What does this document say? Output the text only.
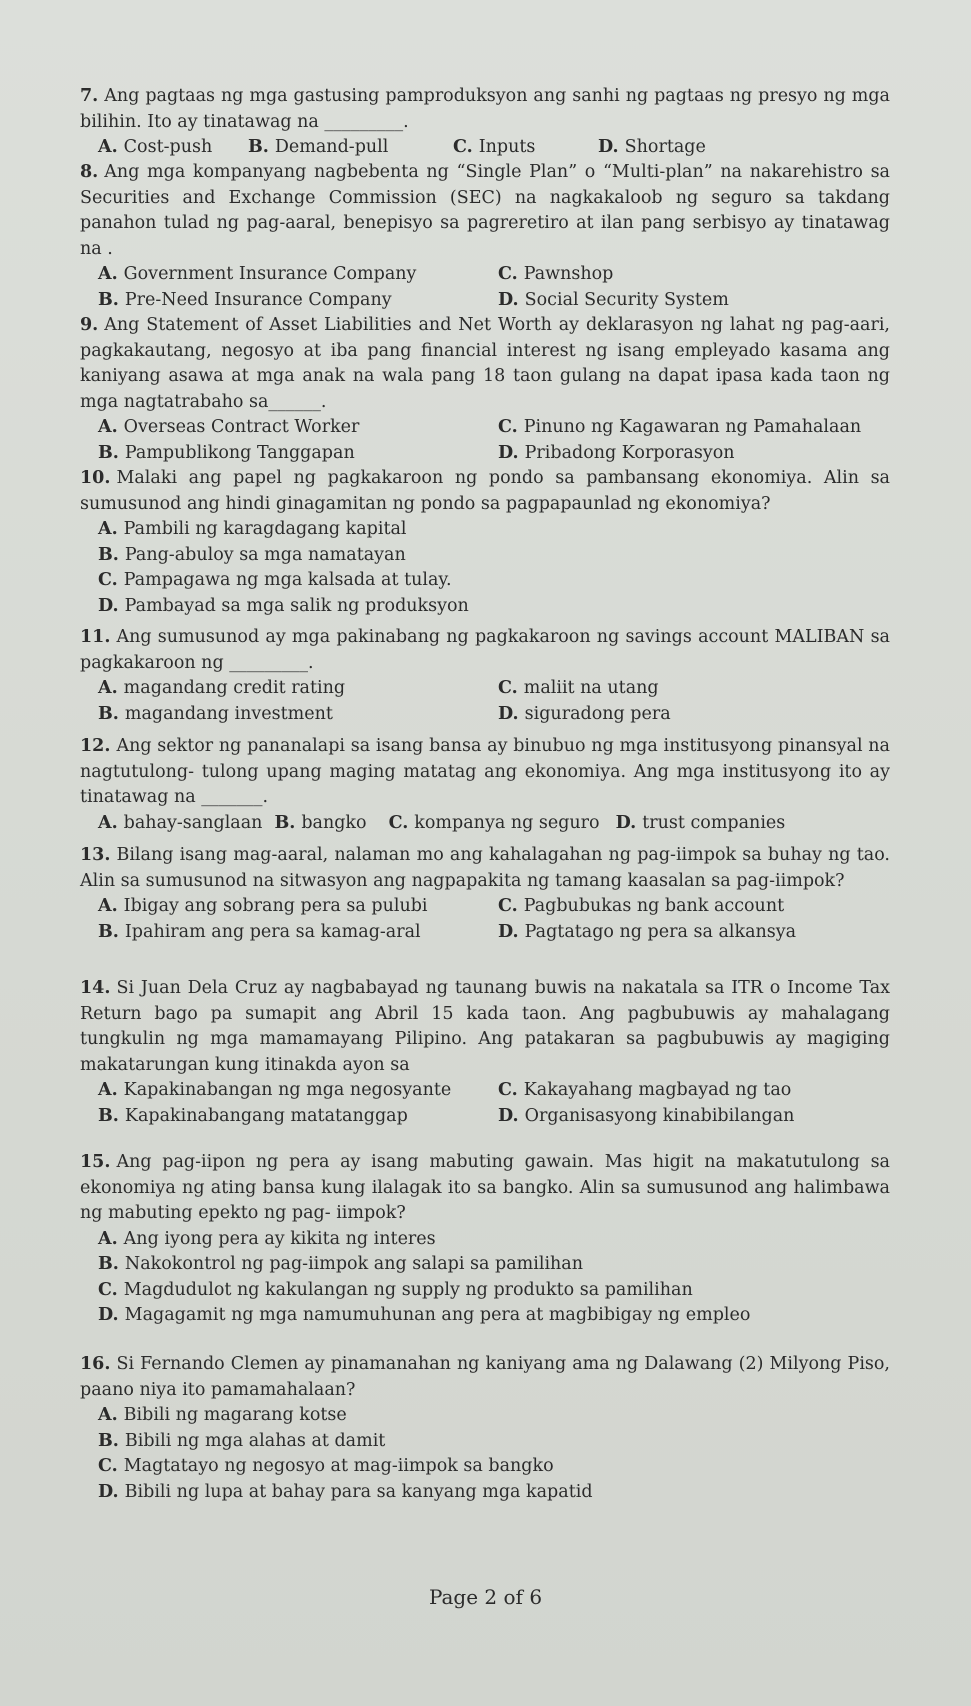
7. Ang pagtaas ng mga gastusing pamproduksyon ang sanhi ng pagtaas ng presyo ng mga bilihin. Ito ay tinatawag na _________.

A. Cost-push	B. Demand-pull	C. Inputs	D. Shortage

8. Ang mga kompanyang nagbebenta ng “Single Plan” o “Multi-plan” na nakarehistro sa Securities and Exchange Commission (SEC) na nagkakaloob ng seguro sa takdang panahon tulad ng pag-aaral, benepisyo sa pagreretiro at ilan pang serbisyo ay tinatawag na .

A. Government Insurance Company	C. Pawnshop
B. Pre-Need Insurance Company	D. Social Security System

9. Ang Statement of Asset Liabilities and Net Worth ay deklarasyon ng lahat ng pag-aari, pagkakautang, negosyo at iba pang financial interest ng isang empleyado kasama ang kaniyang asawa at mga anak na wala pang 18 taon gulang na dapat ipasa kada taon ng mga nagtatrabaho sa______.

A. Overseas Contract Worker	C. Pinuno ng Kagawaran ng Pamahalaan
B. Pampublikong Tanggapan	D. Pribadong Korporasyon

10. Malaki ang papel ng pagkakaroon ng pondo sa pambansang ekonomiya. Alin sa sumusunod ang hindi ginagamitan ng pondo sa pagpapaunlad ng ekonomiya?

A. Pambili ng karagdagang kapital
B. Pang-abuloy sa mga namatayan
C. Pampagawa ng mga kalsada at tulay.
D. Pambayad sa mga salik ng produksyon

11. Ang sumusunod ay mga pakinabang ng pagkakaroon ng savings account MALIBAN sa pagkakaroon ng _________.

A. magandang credit rating	C. maliit na utang
B. magandang investment	D. siguradong pera

12. Ang sektor ng pananalapi sa isang bansa ay binubuo ng mga institusyong pinansyal na nagtutulong- tulong upang maging matatag ang ekonomiya. Ang mga institusyong ito ay tinatawag na _______.

A. bahay-sanglaan B. bangko C. kompanya ng seguro D. trust companies

13. Bilang isang mag-aaral, nalaman mo ang kahalagahan ng pag-iimpok sa buhay ng tao. Alin sa sumusunod na sitwasyon ang nagpapakita ng tamang kaasalan sa pag-iimpok?

A. Ibigay ang sobrang pera sa pulubi	C. Pagbubukas ng bank account
B. Ipahiram ang pera sa kamag-aral	D. Pagtatago ng pera sa alkansya

14. Si Juan Dela Cruz ay nagbabayad ng taunang buwis na nakatala sa ITR o Income Tax Return bago pa sumapit ang Abril 15 kada taon. Ang pagbubuwis ay mahalagang tungkulin ng mga mamamayang Pilipino. Ang patakaran sa pagbubuwis ay magiging makatarungan kung itinakda ayon sa

A. Kapakinabangan ng mga negosyante	C. Kakayahang magbayad ng tao
B. Kapakinabangang matatanggap	D. Organisasyong kinabibilangan

15. Ang pag-iipon ng pera ay isang mabuting gawain. Mas higit na makatutulong sa ekonomiya ng ating bansa kung ilalagak ito sa bangko. Alin sa sumusunod ang halimbawa ng mabuting epekto ng pag- iimpok?

A. Ang iyong pera ay kikita ng interes
B. Nakokontrol ng pag-iimpok ang salapi sa pamilihan
C. Magdudulot ng kakulangan ng supply ng produkto sa pamilihan
D. Magagamit ng mga namumuhunan ang pera at magbibigay ng empleo

16. Si Fernando Clemen ay pinamanahan ng kaniyang ama ng Dalawang (2) Milyong Piso, paano niya ito pamamahalaan?

A. Bibili ng magarang kotse
B. Bibili ng mga alahas at damit
C. Magtatayo ng negosyo at mag-iimpok sa bangko
D. Bibili ng lupa at bahay para sa kanyang mga kapatid
Page 2 of 6
